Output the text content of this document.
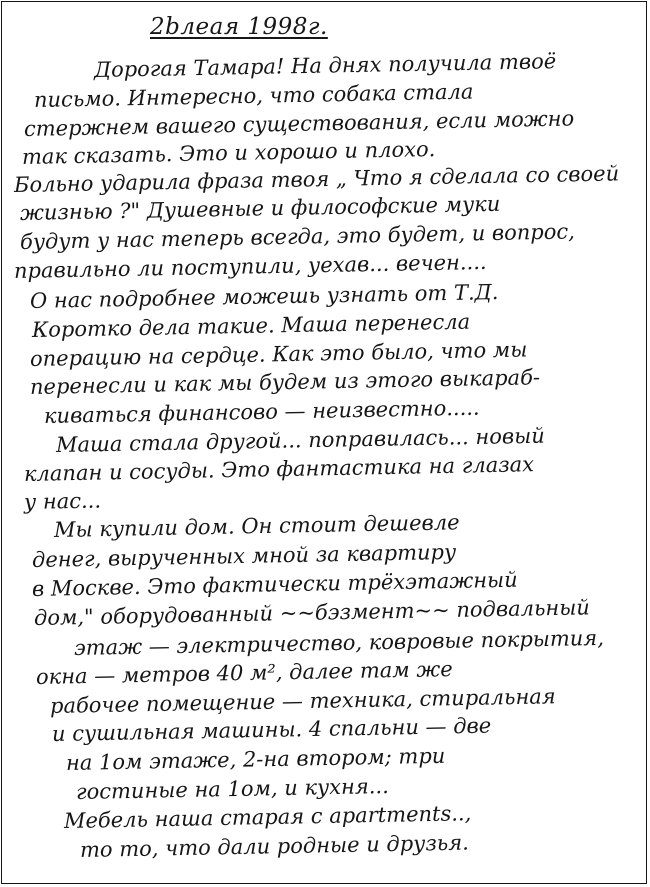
2bлеая 1998г.
Дорогая Тамара! На днях получила твоё
письмо. Интересно, что собака стала
стержнем вашего существования, если можно
так сказать. Это и хорошо и плохо.
Больно ударила фраза твоя „ Что я сделала со своей
жизнью ?" Душевные и философские муки
будут у нас теперь всегда, это будет, и вопрос,
правильно ли поступили, уехав... вечен....
О нас подробнее можешь узнать от Т.Д.
Коротко дела такие. Маша перенесла
операцию на сердце. Как это было, что мы
перенесли и как мы будем из этого выкараб-
киваться финансово — неизвестно.....
Маша стала другой... поправилась... новый
клапан и сосуды. Это фантастика на глазах
у нас...
Мы купили дом. Он стоит дешевле
денег, вырученных мной за квартиру
в Москве. Это фактически трёхэтажный
дом," оборудованный ~~бэзмент~~ подвальный
этаж — электричество, ковровые покрытия,
окна — метров 40 м², далее там же
рабочее помещение — техника, стиральная
и сушильная машины. 4 спальни — две
на 1ом этаже, 2-на втором; три
гостиные на 1ом, и кухня...
Мебель наша старая с apartments..,
то то, что дали родные и друзья.
